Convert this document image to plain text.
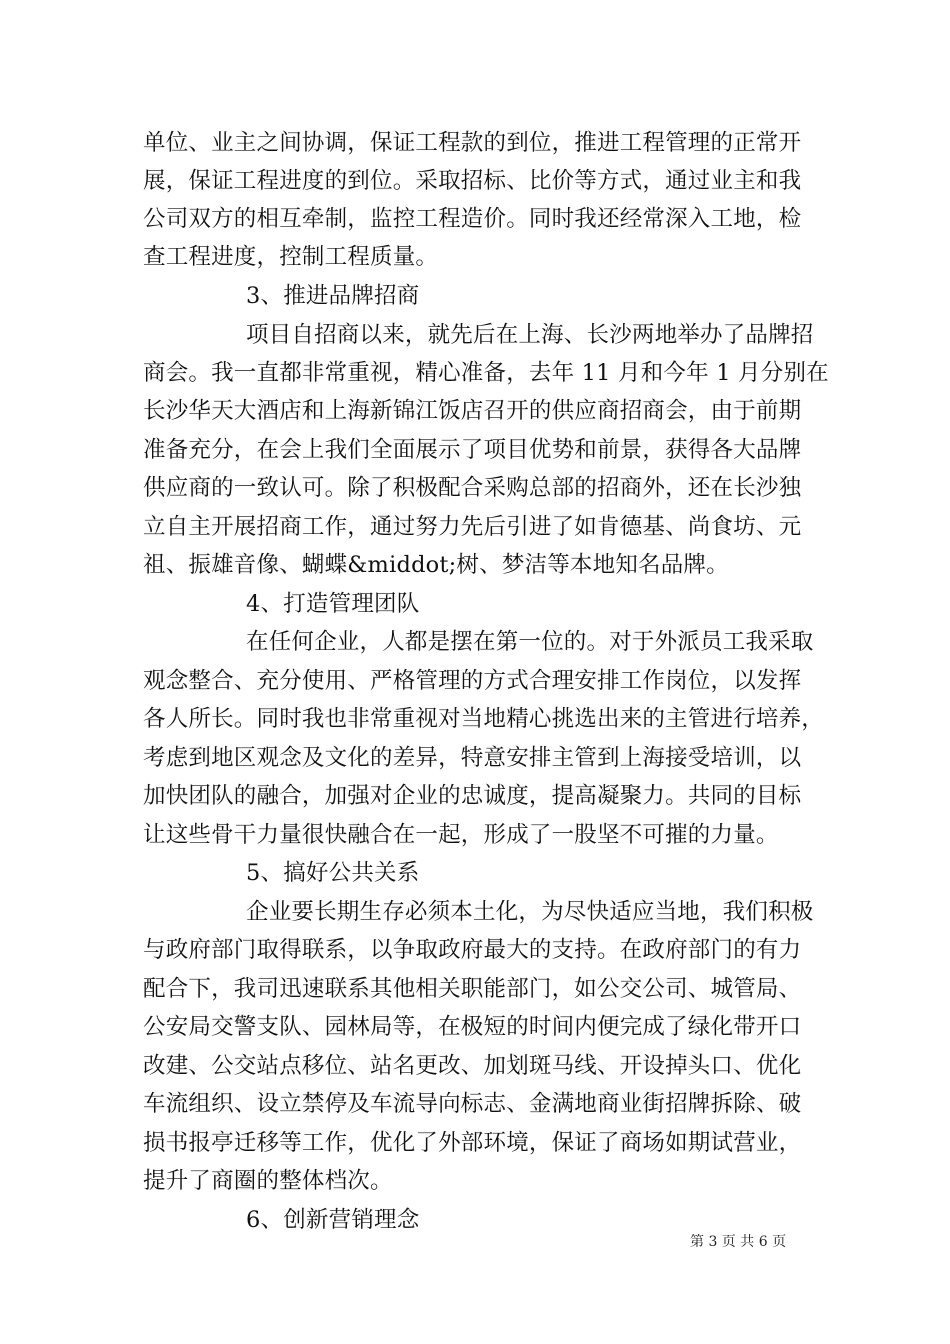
单位、业主之间协调，保证工程款的到位，推进工程管理的正常开
展，保证工程进度的到位。采取招标、比价等方式，通过业主和我
公司双方的相互牵制，监控工程造价。同时我还经常深入工地，检
查工程进度，控制工程质量。
3、推进品牌招商
项目自招商以来，就先后在上海、长沙两地举办了品牌招
商会。我一直都非常重视，精心准备，去年 11 月和今年 1 月分别在
长沙华天大酒店和上海新锦江饭店召开的供应商招商会，由于前期
准备充分，在会上我们全面展示了项目优势和前景，获得各大品牌
供应商的一致认可。除了积极配合采购总部的招商外，还在长沙独
立自主开展招商工作，通过努力先后引进了如肯德基、尚食坊、元
祖、振雄音像、蝴蝶&middot;树、梦洁等本地知名品牌。
4、打造管理团队
在任何企业，人都是摆在第一位的。对于外派员工我采取
观念整合、充分使用、严格管理的方式合理安排工作岗位，以发挥
各人所长。同时我也非常重视对当地精心挑选出来的主管进行培养，
考虑到地区观念及文化的差异，特意安排主管到上海接受培训，以
加快团队的融合，加强对企业的忠诚度，提高凝聚力。共同的目标
让这些骨干力量很快融合在一起，形成了一股坚不可摧的力量。
5、搞好公共关系
企业要长期生存必须本土化，为尽快适应当地，我们积极
与政府部门取得联系，以争取政府最大的支持。在政府部门的有力
配合下，我司迅速联系其他相关职能部门，如公交公司、城管局、
公安局交警支队、园林局等，在极短的时间内便完成了绿化带开口
改建、公交站点移位、站名更改、加划斑马线、开设掉头口、优化
车流组织、设立禁停及车流导向标志、金满地商业街招牌拆除、破
损书报亭迁移等工作，优化了外部环境，保证了商场如期试营业，
提升了商圈的整体档次。
6、创新营销理念
第 3 页 共 6 页
